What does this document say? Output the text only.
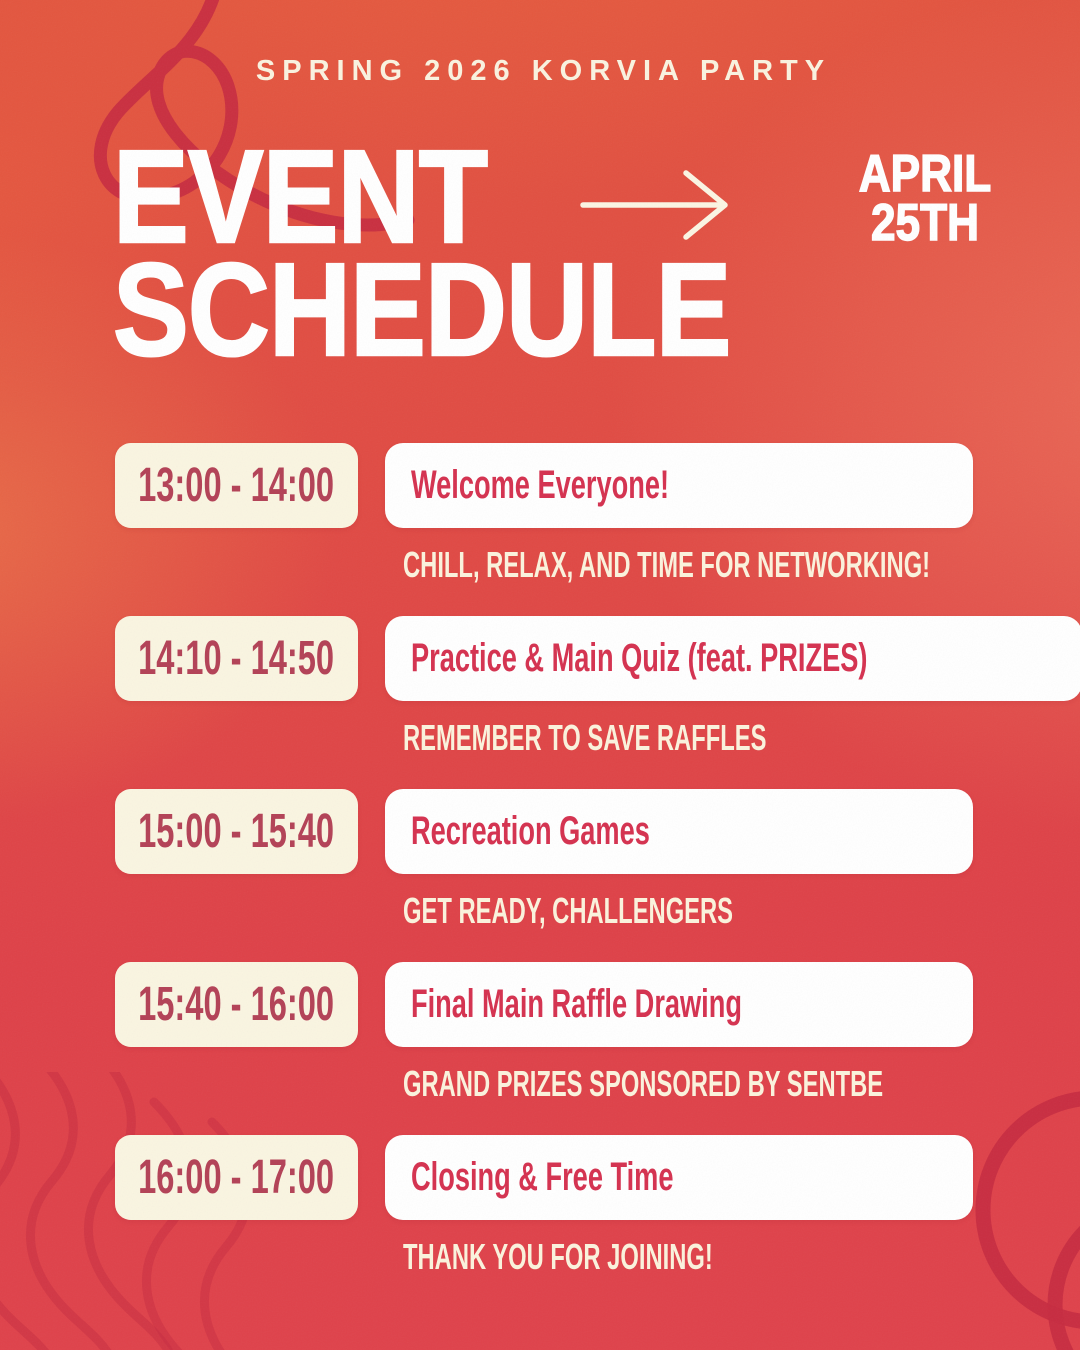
SPRING 2026 KORVIA PARTY
EVENT
SCHEDULE
APRIL
25TH
13:00 - 14:00 Welcome Everyone!
CHILL, RELAX, AND TIME FOR NETWORKING!
14:10 - 14:50 Practice & Main Quiz (feat. PRIZES)
REMEMBER TO SAVE RAFFLES
15:00 - 15:40 Recreation Games
GET READY, CHALLENGERS
15:40 - 16:00 Final Main Raffle Drawing
GRAND PRIZES SPONSORED BY SENTBE
16:00 - 17:00 Closing & Free Time
THANK YOU FOR JOINING!
